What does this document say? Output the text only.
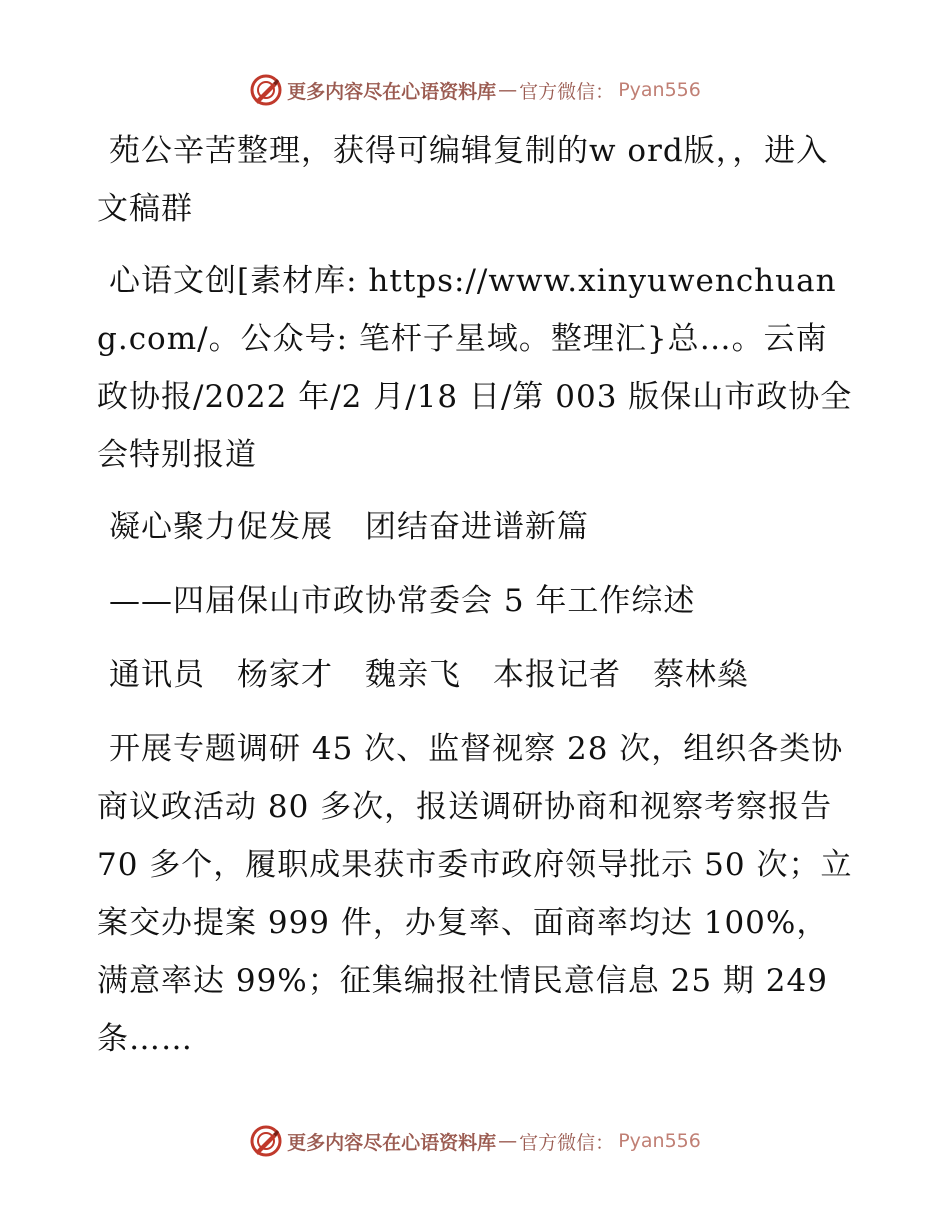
更多内容尽在心语资料库 — 官方微信： Pyan556

苑公辛苦整理，获得可编辑复制的w ord版，，进入文稿群

心语文创[素材库: https://www.xinyuwenchuang.com/。公众号: 笔杆子星域。整理汇}总…。云南政协报/2022 年/2 月/18 日/第 003 版保山市政协全会特别报道

凝心聚力促发展　团结奋进谱新篇

——四届保山市政协常委会 5 年工作综述

通讯员　杨家才　魏亲飞　本报记者　蔡林燊

开展专题调研 45 次、监督视察 28 次，组织各类协商议政活动 80 多次，报送调研协商和视察考察报告 70 多个，履职成果获市委市政府领导批示 50 次；立案交办提案 999 件，办复率、面商率均达 100%，满意率达 99%；征集编报社情民意信息 25 期 249 条……

更多内容尽在心语资料库 — 官方微信： Pyan556
